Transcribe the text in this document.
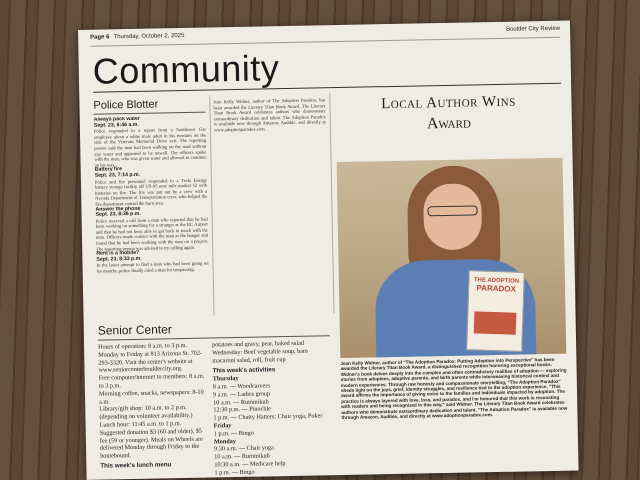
Page 6 Thursday, October 2, 2025
Boulder City Review
Community
Police Blotter
Always pack water
Sept. 23, 6:46 a.m.
Police responded to a report from a Southwest Gas employee about a white male adult in his twenties on the side of the Veterans Memorial Drive exit. The reporting person said the man had been walking on the road without any water and appeared to be unwell. The officers spoke with the man, who was given water and allowed to continue on his way.
Battery fire
Sept. 23, 7:14 p.m.
Police and fire personnel responded to a Tesla Energy battery storage facility off US-95 near mile marker 52 with batteries on fire. The fire was put out by a crew with a Nevada Department of Transportation crew, who helped the fire department control the burn area.
Answer the phone
Sept. 23, 8:36 p.m.
Police received a call from a man who reported that he had been working on something for a stranger at the RC Airport and that he had not been able to get back in touch with the man. Officers made contact with the man at the hangar and found that he had been working with the man on a project. The reporting person was advised to try calling again.
Rent is a mobile?
Sept. 23, 8:33 p.m.
In the latest attempt to find a man who had been going on for months, police finally cited a man for trespassing.
Jean Kelly Widner, author of The Adoption Paradox, has been awarded the Literary Titan Book Award. The Literary Titan Book Award celebrates authors who demonstrate extraordinary dedication and talent. The Adoption Paradox is available now through Amazon, Audible, and directly at www.adoptionparadox.com.
Local Author Wins
Award
THE ADOPTION
PARADOX
Jean Kelly Widner, author of "The Adoption Paradox: Putting Adoption into Perspective" has been awarded the Literary Titan Book Award, a distinguished recognition honoring exceptional books. Widner's book delves deeply into the complex and often contradictory realities of adoption — exploring stories from adoptees, adoptive parents, and birth parents while interweaving historical context and modern experiences. Through raw honesty and compassionate storytelling, "The Adoption Paradox" sheds light on the joys, grief, identity struggles, and resilience tied to the adoption experience. "This award affirms the importance of giving voice to the families and individuals impacted by adoption. The practice is always layered with love, loss, and paradox, and I'm honored that this work is resonating with readers and being recognized in this way," said Widner. The Literary Titan Book Award celebrates authors who demonstrate extraordinary dedication and talent. "The Adoption Paradox" is available now through Amazon, Audible, and directly at www.adoptionparadox.com.
Senior Center

Hours of operation: 8 a.m. to 3 p.m. Monday to Friday at 813 Arizona St. 702-293-3320. Visit the center's website at www.seniorcenterbouldercity.org.

Free computer/internet to members: 8 a.m. to 3 p.m.

Morning coffee, snacks, newspapers: 8-10 a.m.

Library/gift shop: 10 a.m. to 2 p.m. (depending on volunteer availability.)

Lunch hour: 11:45 a.m. to 1 p.m. Suggested donation $3 (60 and older), $5 fee (59 or younger). Meals on Wheels are delivered Monday through Friday to the homebound.

This week's lunch menu

potatoes and gravy, pear, baked salad

Wednesday: Beef vegetable soup, ham macaroni salad, roll, fruit cup

This week's activities

Thursday
8 a.m. — Woodcarvers
9 a.m. — Ladies group
10 a.m. — Rummikub
12:30 p.m. — Pinochle
1 p.m. — Chatty Hatters; Chair yoga, Poker
Friday
1 p.m. — Bingo
Monday
9:30 a.m. — Chair yoga
10 a.m. — Rummikub
10:30 a.m. — Medicare help
1 p.m. — Bingo
